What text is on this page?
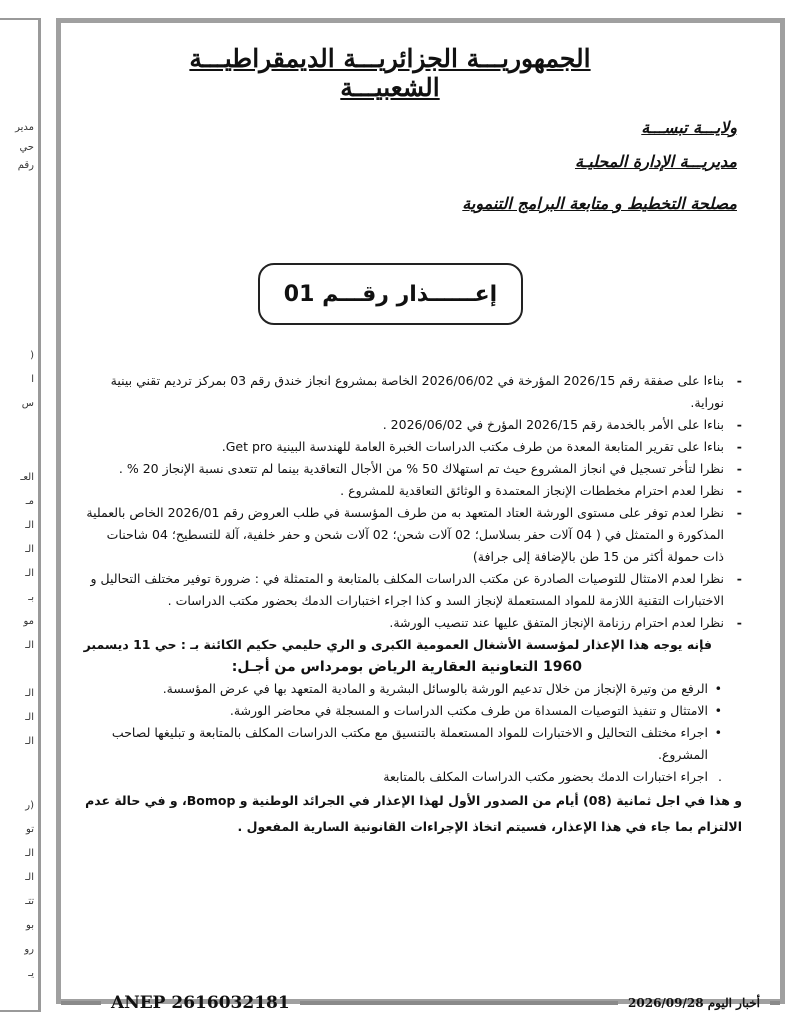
مدير
حي
رقم
(
ا
س
العـ
مـ
الـ
الـ
الـ
بـ
مو
الـ
الـ
الـ
الـ
(ر
تو
الـ
الـ
تتـ
بو
رو
يـ
الجمهوريـــة الجزائريـــة الديمقراطيـــة الشعبيـــة
ولايـــة تبســـة
مديريـــة الإدارة المحليـة
مصلحة التخطيط و متابعة البرامج التنموية
إعــــــذار رقـــم 01

-
بناءا على صفقة رقم 2026/15 المؤرخة في 2026/06/02 الخاصة بمشروع انجاز خندق رقم 03 بمركز ترديم تقني بينية نوراية.

-
بناءا على الأمر بالخدمة رقم 2026/15 المؤرخ في 2026/06/02 .

-
بناءا على تقرير المتابعة المعدة من طرف مكتب الدراسات الخبرة العامة للهندسة البينية Get pro.

-
نظرا لتأخر تسجيل في انجاز المشروع حيث تم استهلاك 50 % من الأجال التعاقدية بينما لم تتعدى نسبة الإنجاز 20 % .

-
نظرا لعدم احترام مخططات الإنجاز المعتمدة و الوثائق التعاقدية للمشروع .

-
نظرا لعدم توفر على مستوى الورشة العتاد المتعهد به من طرف المؤسسة في طلب العروض رقم 2026/01 الخاص بالعملية المذكورة و المتمثل في ( 04 آلات حفر بسلاسل؛ 02 آلات شحن؛ 02 آلات شحن و حفر خلفية، آلة للتسطيح؛ 04 شاحنات ذات حمولة أكثر من 15 طن بالإضافة إلى جرافة)

-
نظرا لعدم الامتثال للتوصيات الصادرة عن مكتب الدراسات المكلف بالمتابعة و المتمثلة في : ضرورة توفير مختلف التحاليل و الاختبارات التقنية اللازمة للمواد المستعملة لإنجاز السد و كذا اجراء اختبارات الدمك بحضور مكتب الدراسات .

-
نظرا لعدم احترام رزنامة الإنجاز المتفق عليها عند تنصيب الورشة.

فإنه يوجه هذا الإعذار لمؤسسة الأشغال العمومية الكبرى و الري حليمي حكيم الكائنة بـ : حي 11 ديسمبر

1960 التعاونية العقارية الرياض بومرداس من أجـل:

•
الرفع من وتيرة الإنجاز من خلال تدعيم الورشة بالوسائل البشرية و المادية المتعهد بها في عرض المؤسسة.

•
الامتثال و تنفيذ التوصيات المسداة من طرف مكتب الدراسات و المسجلة في محاضر الورشة.

•
اجراء مختلف التحاليل و الاختبارات للمواد المستعملة بالتنسيق مع مكتب الدراسات المكلف بالمتابعة و تبليغها لصاحب المشروع.

.
اجراء اختبارات الدمك بحضور مكتب الدراسات المكلف بالمتابعة

و هذا في اجل ثمانية (08) أيام من الصدور الأول لهذا الإعذار في الجرائد الوطنية و Bomop، و في حالة عدم الالتزام بما جاء في هذا الإعذار، فسيتم اتخاذ الإجراءات القانونية السارية المفعول .

ANEP 2616032181	أخبار اليوم 2026/09/28
